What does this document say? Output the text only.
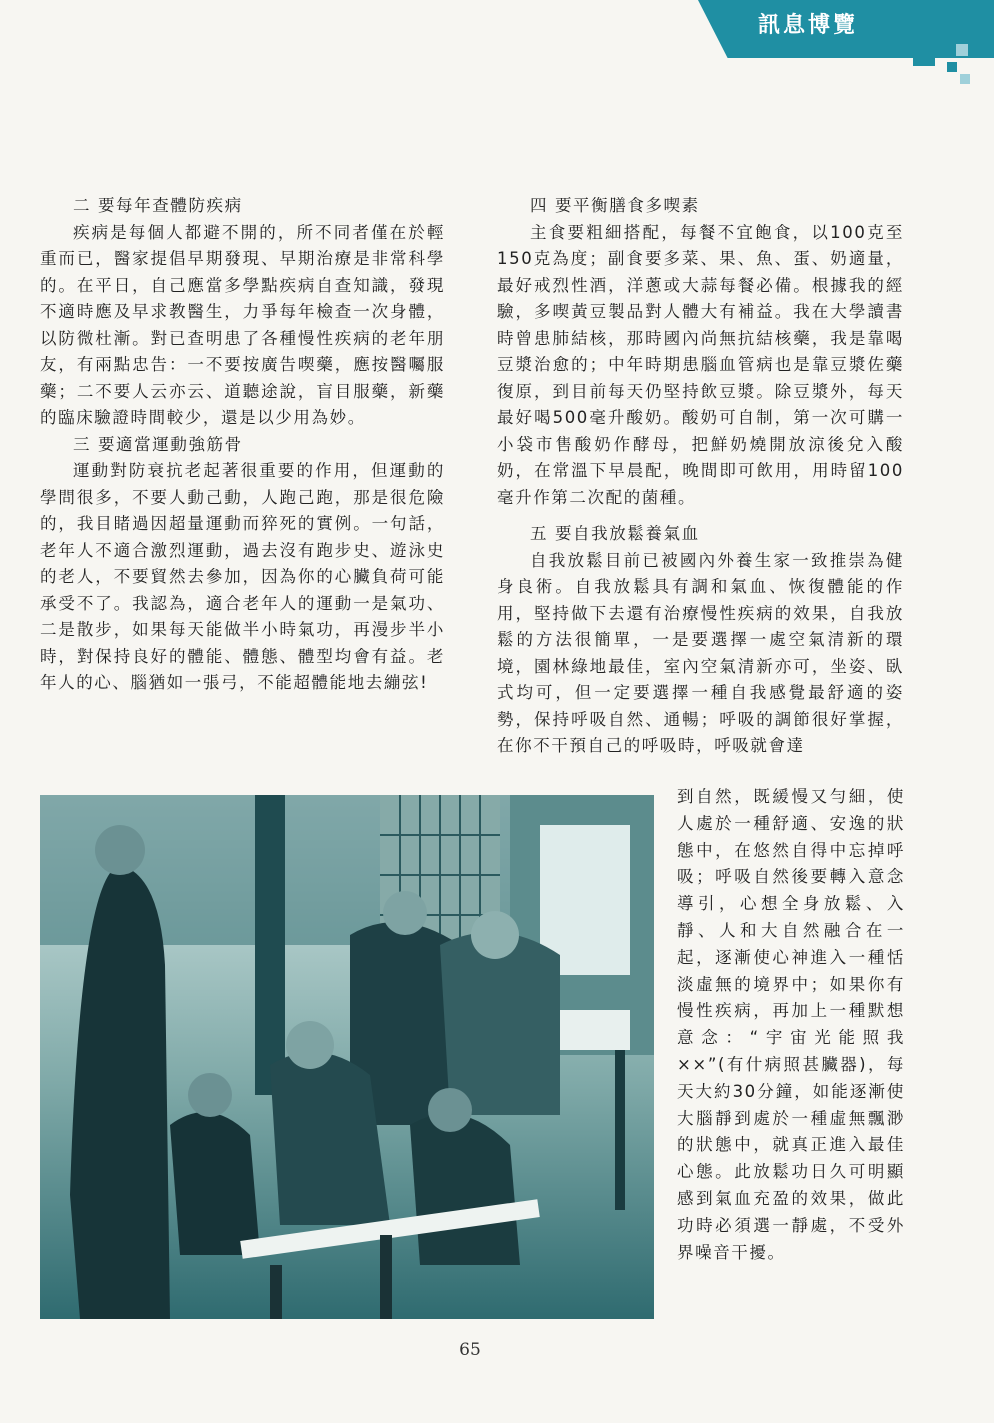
訊息博覽
二 要每年查體防疾病

疾病是每個人都避不開的，所不同者僅在於輕重而已，醫家提倡早期發現、早期治療是非常科學的。在平日，自己應當多學點疾病自查知識，發現不適時應及早求教醫生，力爭每年檢查一次身體，以防微杜漸。對已查明患了各種慢性疾病的老年朋友，有兩點忠告：一不要按廣告喫藥，應按醫囑服藥；二不要人云亦云、道聽途說，盲目服藥，新藥的臨床驗證時間較少，還是以少用為妙。

三 要適當運動強筋骨

運動對防衰抗老起著很重要的作用，但運動的學問很多，不要人動己動，人跑己跑，那是很危險的，我目睹過因超量運動而猝死的實例。一句話，老年人不適合激烈運動，過去沒有跑步史、遊泳史的老人，不要貿然去參加，因為你的心臟負荷可能承受不了。我認為，適合老年人的運動一是氣功、二是散步，如果每天能做半小時氣功，再漫步半小時，對保持良好的體能、體態、體型均會有益。老年人的心、腦猶如一張弓，不能超體能地去繃弦!

四 要平衡膳食多喫素

主食要粗細搭配，每餐不宜飽食，以100克至150克為度；副食要多菜、果、魚、蛋、奶適量，最好戒烈性酒，洋蔥或大蒜每餐必備。根據我的經驗，多喫黃豆製品對人體大有補益。我在大學讀書時曾患肺結核，那時國內尚無抗結核藥，我是靠喝豆漿治愈的；中年時期患腦血管病也是靠豆漿佐藥復原，到目前每天仍堅持飲豆漿。除豆漿外，每天最好喝500毫升酸奶。酸奶可自制，第一次可購一小袋市售酸奶作酵母，把鮮奶燒開放涼後兌入酸奶，在常溫下早晨配，晚間即可飲用，用時留100毫升作第二次配的菌種。

五 要自我放鬆養氣血

自我放鬆目前已被國內外養生家一致推崇為健身良術。自我放鬆具有調和氣血、恢復體能的作用，堅持做下去還有治療慢性疾病的效果，自我放鬆的方法很簡單，一是要選擇一處空氣清新的環境，園林綠地最佳，室內空氣清新亦可，坐姿、臥式均可，但一定要選擇一種自我感覺最舒適的姿勢，保持呼吸自然、通暢；呼吸的調節很好掌握，在你不干預自己的呼吸時，呼吸就會達

到自然，既緩慢又勻細，使人處於一種舒適、安逸的狀態中，在悠然自得中忘掉呼吸；呼吸自然後要轉入意念導引，心想全身放鬆、入靜、人和大自然融合在一起，逐漸使心神進入一種恬淡虛無的境界中；如果你有慢性疾病，再加上一種默想意念：“宇宙光能照我××”(有什病照甚臟器)，每天大約30分鐘，如能逐漸使大腦靜到處於一種虛無飄渺的狀態中，就真正進入最佳心態。此放鬆功日久可明顯感到氣血充盈的效果，做此功時必須選一靜處，不受外界噪音干擾。

65
